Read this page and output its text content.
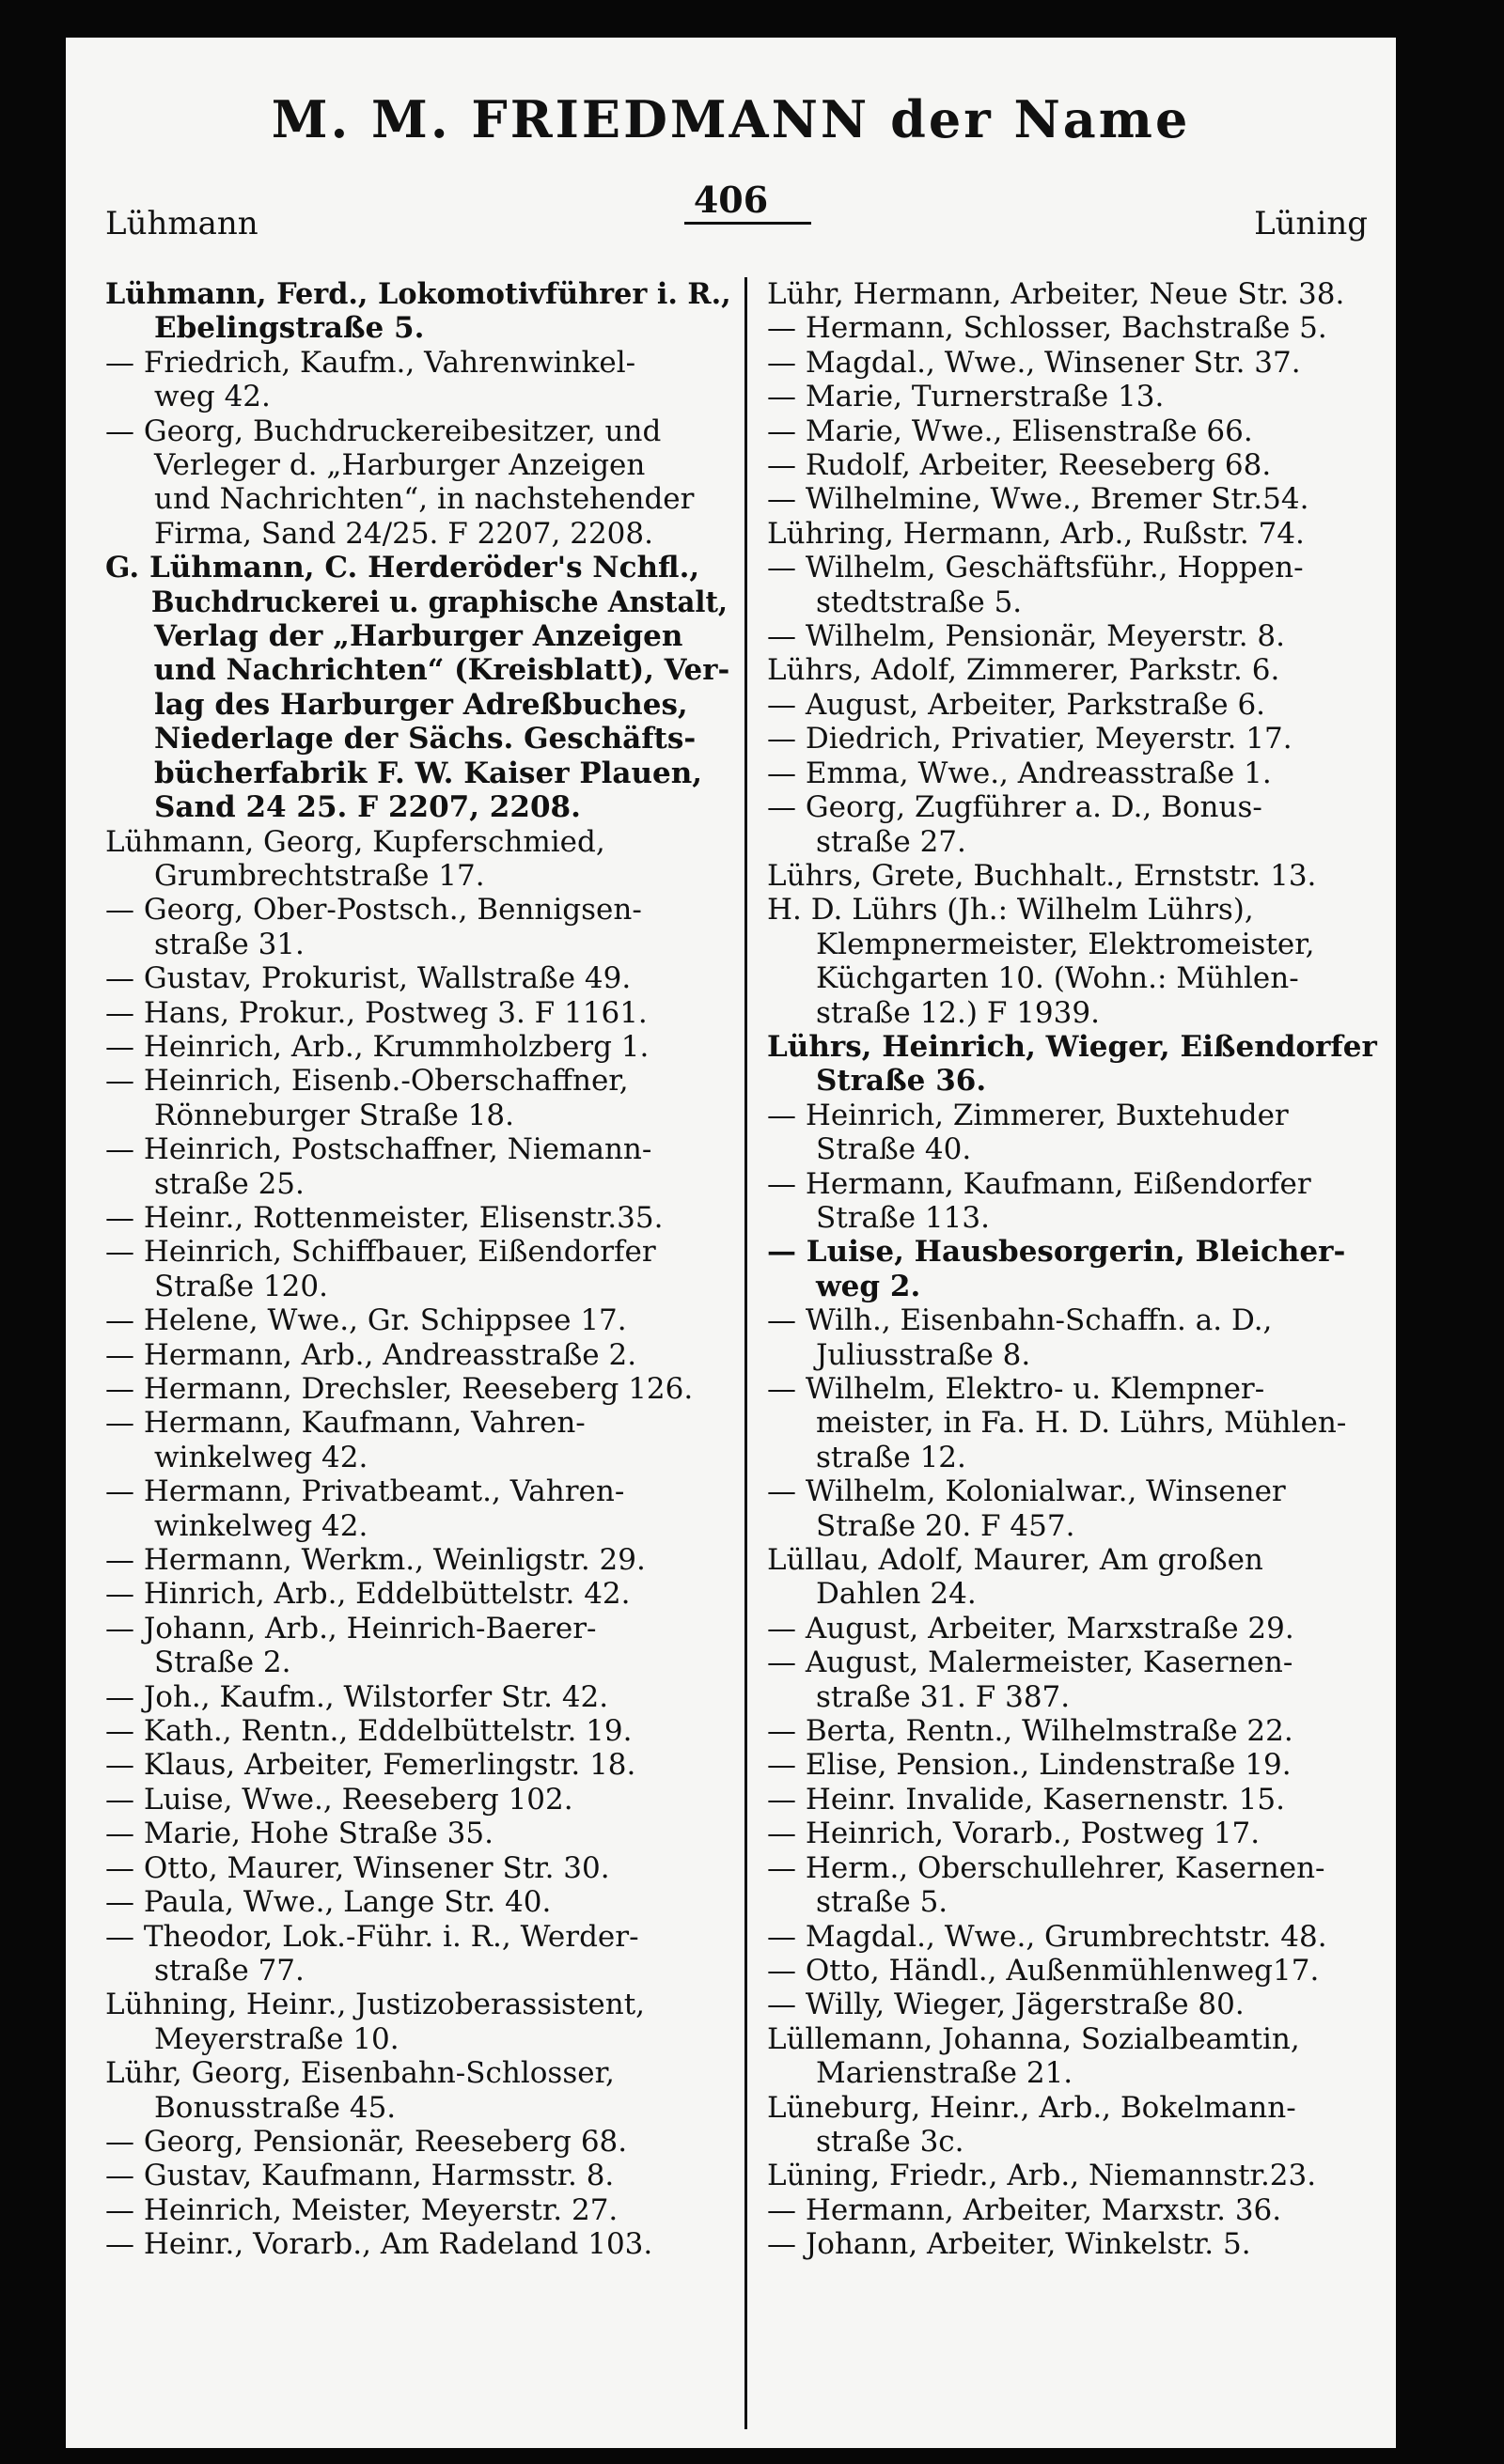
M. M. FRIEDMANN der Name
Lühmann
406
Lüning

Lühmann, Ferd., Lokomotivführer i. R.,
Ebelingstraße 5.

— Friedrich, Kaufm., Vahrenwinkel-
weg 42.

— Georg, Buchdruckereibesitzer, und
Verleger d. „Harburger Anzeigen
und Nachrichten“, in nachstehender
Firma, Sand 24/25. F 2207, 2208.

G. Lühmann, C. Herderöder's Nchfl.,
Buchdruckerei u. graphische Anstalt,
Verlag der „Harburger Anzeigen
und Nachrichten“ (Kreisblatt), Ver-
lag des Harburger Adreßbuches,
Niederlage der Sächs. Geschäfts-
bücherfabrik F. W. Kaiser Plauen,
Sand 24 25. F 2207, 2208.

Lühmann, Georg, Kupferschmied,
Grumbrechtstraße 17.

— Georg, Ober-Postsch., Bennigsen-
straße 31.

— Gustav, Prokurist, Wallstraße 49.

— Hans, Prokur., Postweg 3. F 1161.

— Heinrich, Arb., Krummholzberg 1.

— Heinrich, Eisenb.-Oberschaffner,
Rönneburger Straße 18.

— Heinrich, Postschaffner, Niemann-
straße 25.

— Heinr., Rottenmeister, Elisenstr.35.

— Heinrich, Schiffbauer, Eißendorfer
Straße 120.

— Helene, Wwe., Gr. Schippsee 17.

— Hermann, Arb., Andreasstraße 2.

— Hermann, Drechsler, Reeseberg 126.

— Hermann, Kaufmann, Vahren-
winkelweg 42.

— Hermann, Privatbeamt., Vahren-
winkelweg 42.

— Hermann, Werkm., Weinligstr. 29.

— Hinrich, Arb., Eddelbüttelstr. 42.

— Johann, Arb., Heinrich-Baerer-
Straße 2.

— Joh., Kaufm., Wilstorfer Str. 42.

— Kath., Rentn., Eddelbüttelstr. 19.

— Klaus, Arbeiter, Femerlingstr. 18.

— Luise, Wwe., Reeseberg 102.

— Marie, Hohe Straße 35.

— Otto, Maurer, Winsener Str. 30.

— Paula, Wwe., Lange Str. 40.

— Theodor, Lok.-Führ. i. R., Werder-
straße 77.

Lühning, Heinr., Justizoberassistent,
Meyerstraße 10.

Lühr, Georg, Eisenbahn-Schlosser,
Bonusstraße 45.

— Georg, Pensionär, Reeseberg 68.

— Gustav, Kaufmann, Harmsstr. 8.

— Heinrich, Meister, Meyerstr. 27.

— Heinr., Vorarb., Am Radeland 103.

Lühr, Hermann, Arbeiter, Neue Str. 38.

— Hermann, Schlosser, Bachstraße 5.

— Magdal., Wwe., Winsener Str. 37.

— Marie, Turnerstraße 13.

— Marie, Wwe., Elisenstraße 66.

— Rudolf, Arbeiter, Reeseberg 68.

— Wilhelmine, Wwe., Bremer Str.54.

Lühring, Hermann, Arb., Rußstr. 74.

— Wilhelm, Geschäftsführ., Hoppen-
stedtstraße 5.

— Wilhelm, Pensionär, Meyerstr. 8.

Lührs, Adolf, Zimmerer, Parkstr. 6.

— August, Arbeiter, Parkstraße 6.

— Diedrich, Privatier, Meyerstr. 17.

— Emma, Wwe., Andreasstraße 1.

— Georg, Zugführer a. D., Bonus-
straße 27.

Lührs, Grete, Buchhalt., Ernststr. 13.

H. D. Lührs (Jh.: Wilhelm Lührs),
Klempnermeister, Elektromeister,
Küchgarten 10. (Wohn.: Mühlen-
straße 12.) F 1939.

Lührs, Heinrich, Wieger, Eißendorfer
Straße 36.

— Heinrich, Zimmerer, Buxtehuder
Straße 40.

— Hermann, Kaufmann, Eißendorfer
Straße 113.

— Luise, Hausbesorgerin, Bleicher-
weg 2.

— Wilh., Eisenbahn-Schaffn. a. D.,
Juliusstraße 8.

— Wilhelm, Elektro- u. Klempner-
meister, in Fa. H. D. Lührs, Mühlen-
straße 12.

— Wilhelm, Kolonialwar., Winsener
Straße 20. F 457.

Lüllau, Adolf, Maurer, Am großen
Dahlen 24.

— August, Arbeiter, Marxstraße 29.

— August, Malermeister, Kasernen-
straße 31. F 387.

— Berta, Rentn., Wilhelmstraße 22.

— Elise, Pension., Lindenstraße 19.

— Heinr. Invalide, Kasernenstr. 15.

— Heinrich, Vorarb., Postweg 17.

— Herm., Oberschullehrer, Kasernen-
straße 5.

— Magdal., Wwe., Grumbrechtstr. 48.

— Otto, Händl., Außenmühlenweg17.

— Willy, Wieger, Jägerstraße 80.

Lüllemann, Johanna, Sozialbeamtin,
Marienstraße 21.

Lüneburg, Heinr., Arb., Bokelmann-
straße 3c.

Lüning, Friedr., Arb., Niemannstr.23.

— Hermann, Arbeiter, Marxstr. 36.

— Johann, Arbeiter, Winkelstr. 5.
